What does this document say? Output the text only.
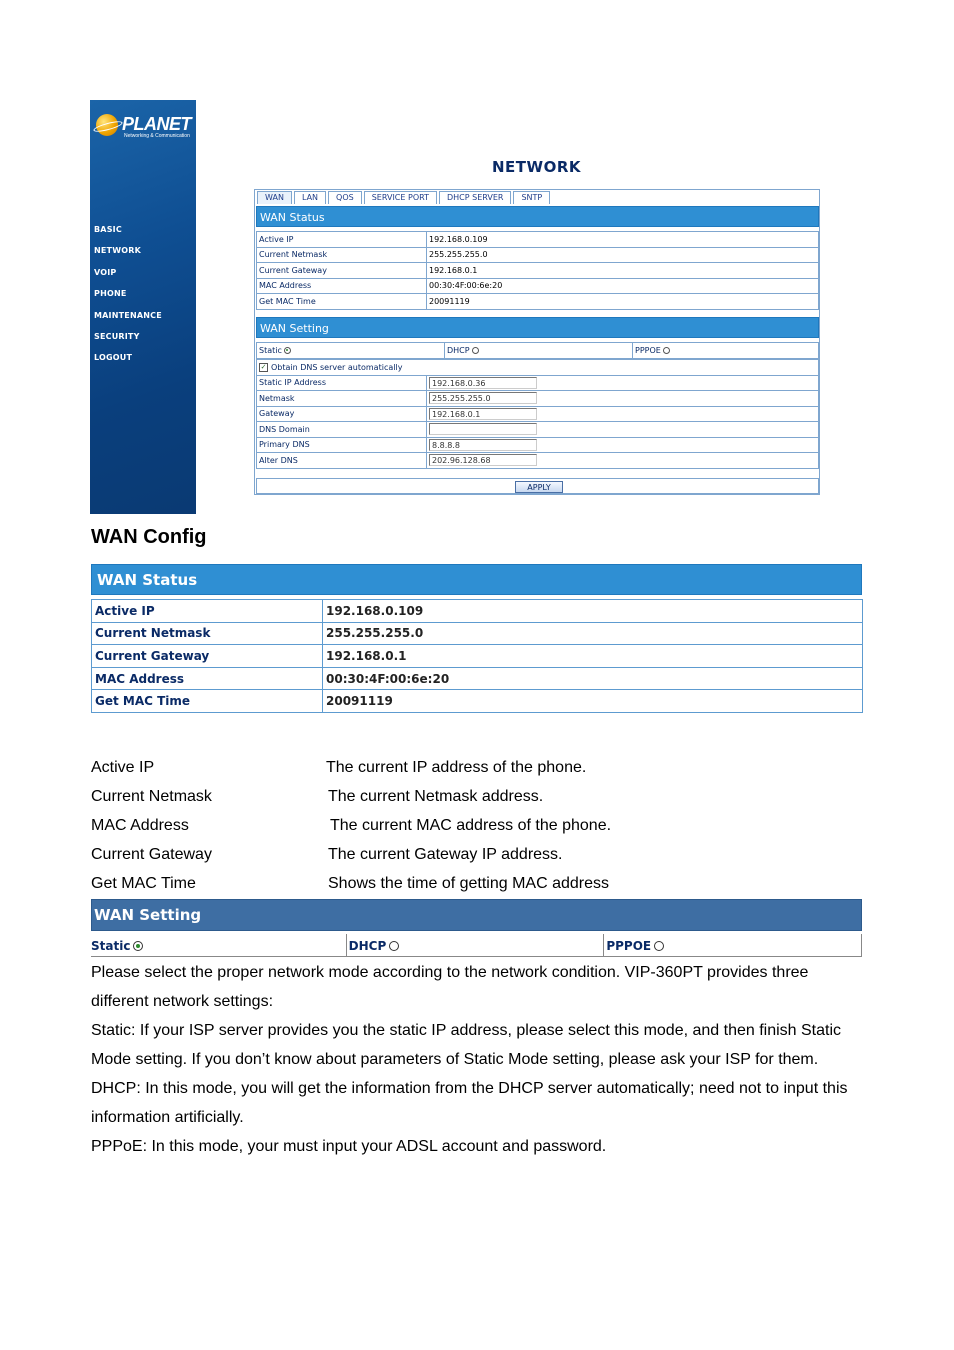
PLANET
Networking & Communication
BASIC
NETWORK
VOIP
PHONE
MAINTENANCE
SECURITY
LOGOUT
NETWORK
WAN	LAN	QOS	SERVICE PORT	DHCP SERVER	SNTP
WAN Status
Active IP	192.168.0.109
Current Netmask	255.255.255.0
Current Gateway	192.168.0.1
MAC Address	00:30:4F:00:6e:20
Get MAC Time	20091119
WAN Setting
Static	DHCP	PPPOE
✓ Obtain DNS server automatically	
Static IP Address	192.168.0.36
Netmask	255.255.255.0
Gateway	192.168.0.1
DNS Domain	
Primary DNS	8.8.8.8
Alter DNS	202.96.128.68
APPLY
WAN Config
WAN Status
Active IP	192.168.0.109
Current Netmask	255.255.255.0
Current Gateway	192.168.0.1
MAC Address	00:30:4F:00:6e:20
Get MAC Time	20091119
Active IP	The current IP address of the phone.
Current Netmask	The current Netmask address.
MAC Address	The current MAC address of the phone.
Current Gateway	The current Gateway IP address.
Get MAC Time	Shows the time of getting MAC address
WAN Setting
Static	DHCP	PPPOE

Please select the proper network mode according to the network condition. VIP-360PT provides three different network settings:

Static: If your ISP server provides you the static IP address, please select this mode, and then finish Static Mode setting. If you don’t know about parameters of Static Mode setting, please ask your ISP for them.

DHCP: In this mode, you will get the information from the DHCP server automatically; need not to input this information artificially.

PPPoE: In this mode, your must input your ADSL account and password.
